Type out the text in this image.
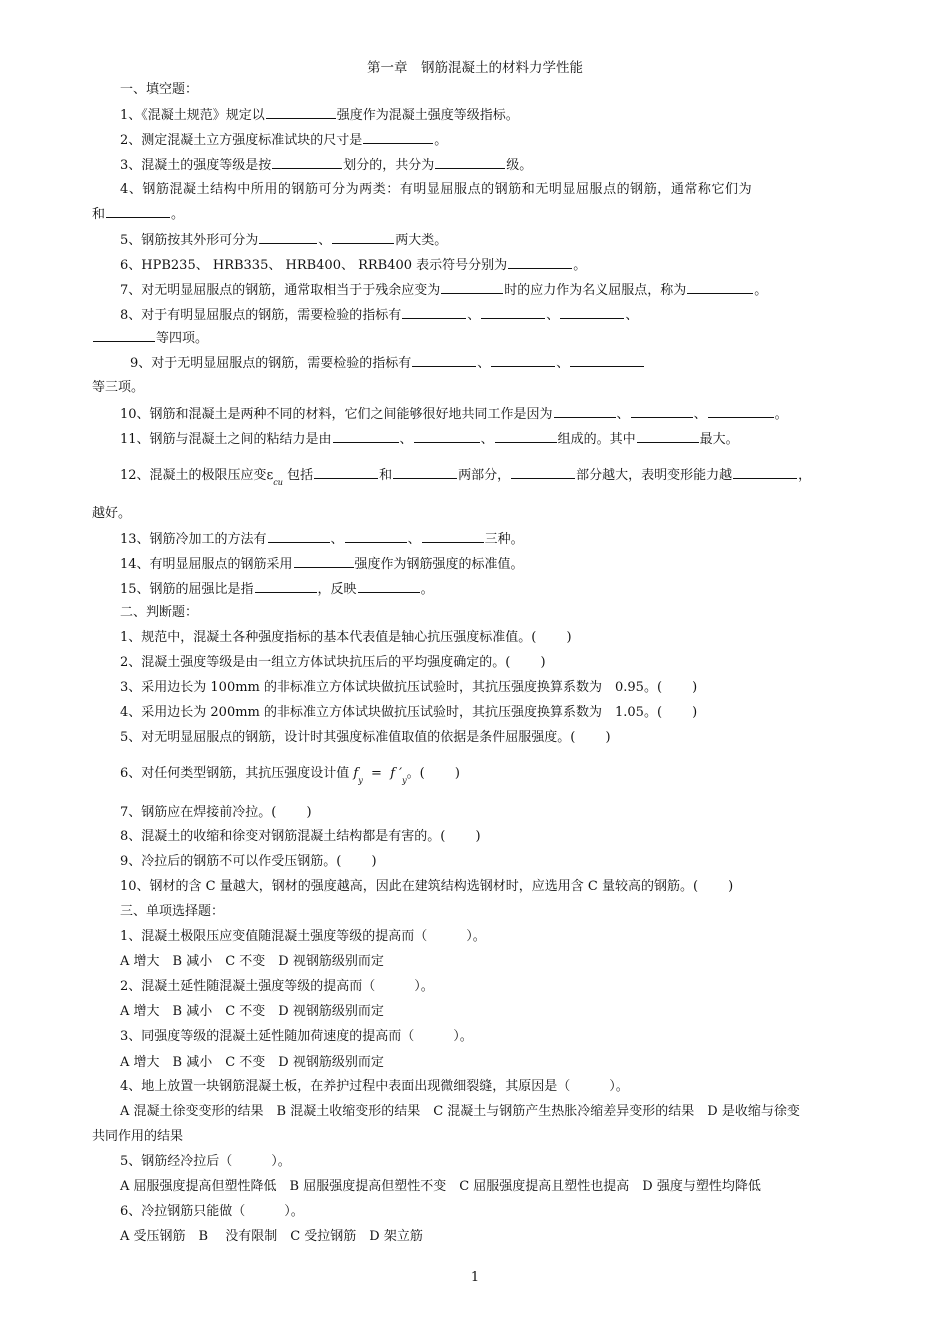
第一章　钢筋混凝土的材料力学性能
一、填空题：
1、《混凝土规范》规定以	强度作为混凝土强度等级指标。
2、测定混凝土立方强度标准试块的尺寸是	。
3、混凝土的强度等级是按	划分的，共分为	级。
4、钢筋混凝土结构中所用的钢筋可分为两类：有明显屈服点的钢筋和无明显屈服点的钢筋，通常称它们为
和	。
5、钢筋按其外形可分为	、	两大类。
6、HPB235、 HRB335、 HRB400、 RRB400 表示符号分别为	。
7、对无明显屈服点的钢筋，通常取相当于于残余应变为	时的应力作为名义屈服点，称为	。
8、对于有明显屈服点的钢筋，需要检验的指标有	、	、	、
等四项。
9、对于无明显屈服点的钢筋，需要检验的指标有	、	、
等三项。
10、钢筋和混凝土是两种不同的材料，它们之间能够很好地共同工作是因为	、	、	。
11、钢筋与混凝土之间的粘结力是由	、	、	组成的。其中	最大。
12、混凝土的极限压应变$\varepsilon_{cu}$ 包括	和	两部分，	部分越大，表明变形能力越	，
越好。
13、钢筋冷加工的方法有	、	、	三种。
14、有明显屈服点的钢筋采用	强度作为钢筋强度的标准值。
15、钢筋的屈强比是指	，反映	。
二、判断题：
1、规范中，混凝土各种强度指标的基本代表值是轴心抗压强度标准值。(　　 )
2、混凝土强度等级是由一组立方体试块抗压后的平均强度确定的。(　　 )
3、采用边长为 100mm 的非标准立方体试块做抗压试验时，其抗压强度换算系数为　0.95。(　　 )
4、采用边长为 200mm 的非标准立方体试块做抗压试验时，其抗压强度换算系数为　1.05。(　　 )
5、对无明显屈服点的钢筋，设计时其强度标准值取值的依据是条件屈服强度。(　　 )
6、对任何类型钢筋，其抗压强度设计值 $f_y = f$ $'_y$。(　　 )
7、钢筋应在焊接前冷拉。(　　 )
8、混凝土的收缩和徐变对钢筋混凝土结构都是有害的。(　　 )
9、冷拉后的钢筋不可以作受压钢筋。(　　 )
10、钢材的含 C 量越大，钢材的强度越高，因此在建筑结构选钢材时，应选用含 C 量较高的钢筋。(　　 )
三、单项选择题：
1、混凝土极限压应变值随混凝土强度等级的提高而（　　　）。
A 增大　B 减小　C 不变　D 视钢筋级别而定
2、混凝土延性随混凝土强度等级的提高而（　　　）。
A 增大　B 减小　C 不变　D 视钢筋级别而定
3、同强度等级的混凝土延性随加荷速度的提高而（　　　）。
A 增大　B 减小　C 不变　D 视钢筋级别而定
4、地上放置一块钢筋混凝土板，在养护过程中表面出现微细裂缝，其原因是（　　　）。
A 混凝土徐变变形的结果　B 混凝土收缩变形的结果　C 混凝土与钢筋产生热胀冷缩差异变形的结果　D 是收缩与徐变
共同作用的结果
5、钢筋经冷拉后（　　　）。
A 屈服强度提高但塑性降低　B 屈服强度提高但塑性不变　C 屈服强度提高且塑性也提高　D 强度与塑性均降低
6、冷拉钢筋只能做（　　　）。
A 受压钢筋　B　 没有限制　C 受拉钢筋　D 架立筋
1
